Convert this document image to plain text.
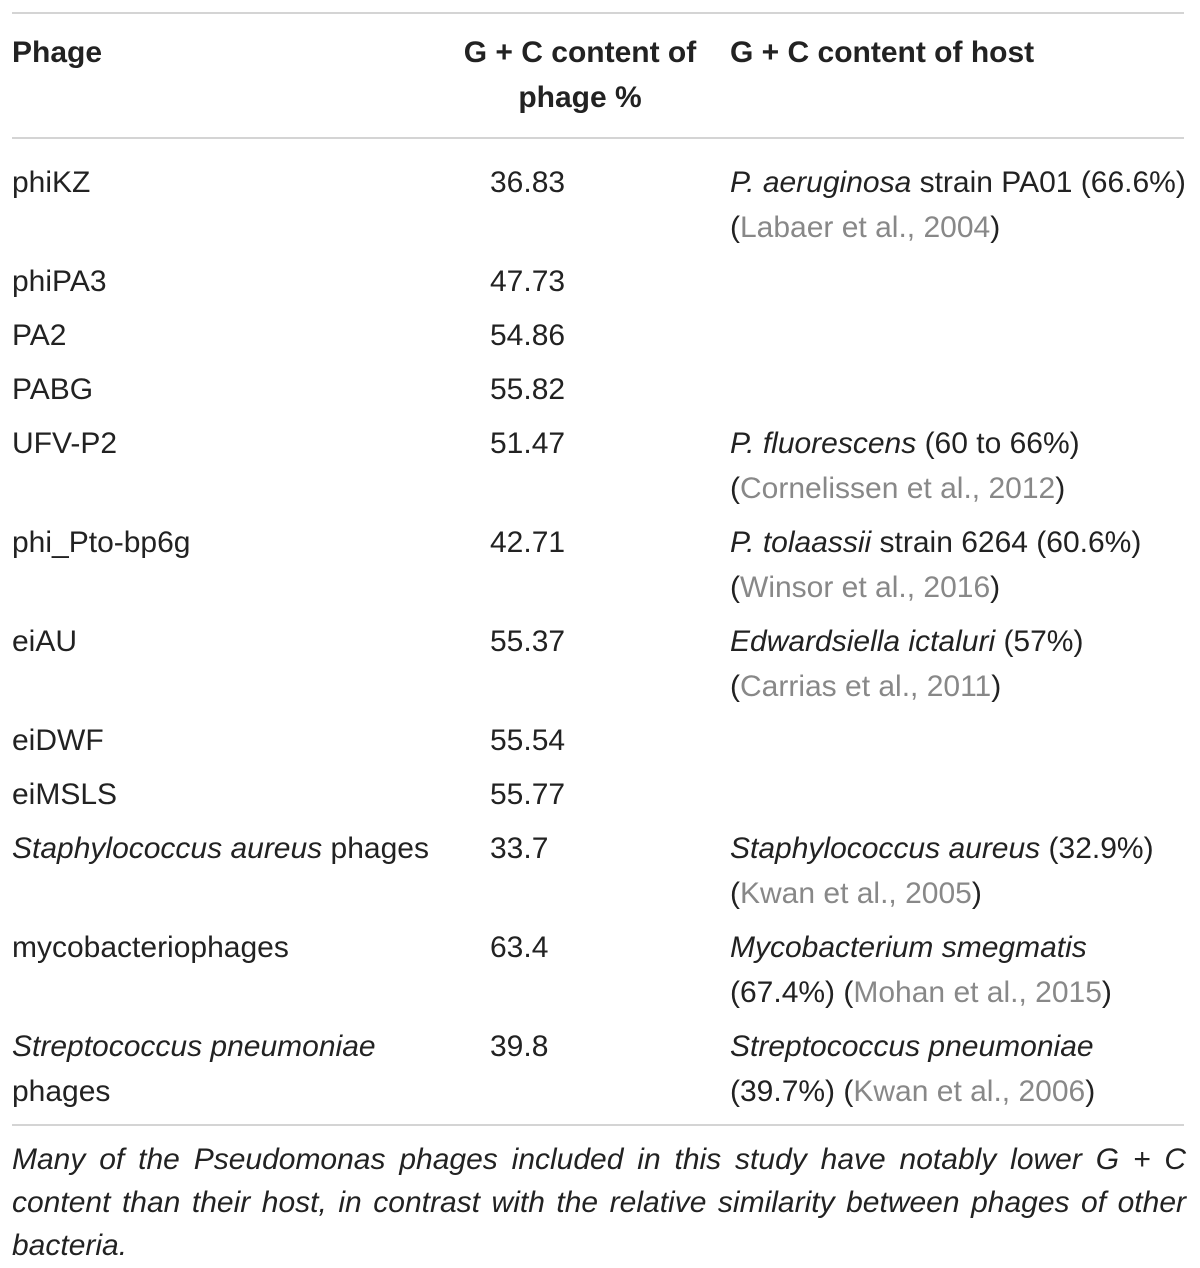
Phage	G + C content of phage %	G + C content of host
phiKZ	36.83	P. aeruginosa strain PA01 (66.6%) (Labaer et al., 2004)
phiPA3	47.73	
PA2	54.86	
PABG	55.82	
UFV-P2	51.47	P. fluorescens (60 to 66%) (Cornelissen et al., 2012)
phi_Pto-bp6g	42.71	P. tolaassii strain 6264 (60.6%) (Winsor et al., 2016)
eiAU	55.37	Edwardsiella ictaluri (57%) (Carrias et al., 2011)
eiDWF	55.54	
eiMSLS	55.77	
Staphylococcus aureus phages	33.7	Staphylococcus aureus (32.9%) (Kwan et al., 2005)
mycobacteriophages	63.4	Mycobacterium smegmatis (67.4%) (Mohan et al., 2015)
Streptococcus pneumoniae phages	39.8	Streptococcus pneumoniae (39.7%) (Kwan et al., 2006)

Many of the Pseudomonas phages included in this study have notably lower G + C content than their host, in contrast with the relative similarity between phages of other bacteria.
